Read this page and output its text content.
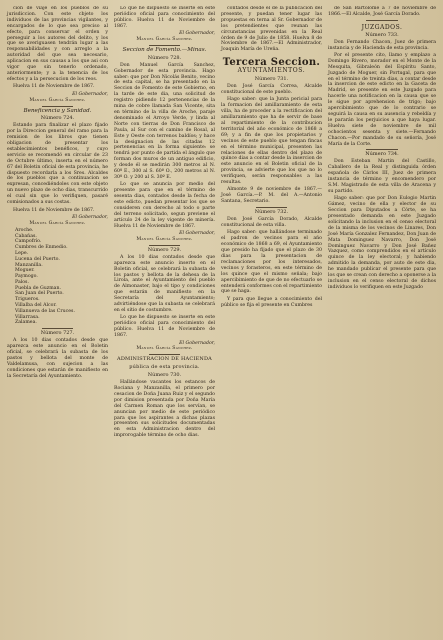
cion de viaje en los pueblos de su jurisdiccion. Con este cbjeto los individuos de las provincias vigilantes, y encargados de lo que sea preciso al efecto, para conservar el orden y perseguir a los autores del delito, y los que se averiguasen tendrán lugar a las responsabilidades y con arreglo a la autoridad del que sea necesario, aplicacion en sus causas a los que asi con vigor que sin tenerlo ordenado, anteriormente; y a la tenencia de los efectos y a la persecucion de los reos.

Huelva 11 de Noviembre de 1867.

El Gobernador,
Manuel García Sanchez.
Beneficencia y Sanidad.
Número 724.

Estando para finalizar el plazo fijado por la Direccion general del ramo para la remision de los libros que tienen obligacion de presentar los establecimientos benéficos, y cuyo servicio se recomendó en circular de 23 de Octubre último, inserta en el número 67 del Boletin oficial de esta provincia, he dispuesto recordarla a los Sres. Alcaldes de los pueblos que a continuacion se expresan, concediéndoles con este objeto un nuevo plazo de ocho dias, transcurrido el cual sin que lo verifiquen, pasaré comisionados a sus costas.

Huelva 11 de Noviembre de 1867.

El Gobernador,
Manuel García Sanchez.
Aroche.
Cabañas.
Campofrío.
Cumbres de Enmedio.
Lepe.
Lucena del Puerto.
Manzanilla.
Moguer.
Paymogo.
Palos.
Puebla de Guzman.
San Juan del Puerto.
Trigueros.
Villalba del Alcor.
Villanueva de las Cruces.
Villarrasa.
Zalamea.
Número 727.

A los 10 dias contados desde que aparezca este anuncio en el Boletin oficial, se celebrará la subasta de los pastos y bellota del monte de Valdelamusa, con sujecion a las condiciones que estarán de manifiesto en la Secretaría del Ayuntamiento.

Lo que he dispuesto se inserte en este periódico oficial para conocimiento del público. Huelva 11 de Noviembre de 1867.

El Gobernador,
Manuel García Sanchez.
Seccion de Fomento.—Minas.
Número 728.

Don Manuel García Sanchez, Gobernador de esta provincia. Hago saber: que por Don Nicolás Benito, vecino de esta capital, se ha presentado en la Seccion de Fomento de este Gobierno, en la tarde de este dia, una solicitud de registro pidiendo 12 pertenencias de la mina de cobre llamada San Vicente, sita en término de la villa de Aroche, paraje denominado el Arroyo Verde, y linda al Norte con tierras de Don Francisco de Paula, al Sur con el camino de Rosal, al Este y Oeste con terrenos baldíos; y hace la designacion de las citadas 12 pertenencias en la forma siguiente: se tendrá por punto de partida el ángulo que forman dos muros de un antiguo edificio, y desde él se medirán 300 metros al N. 60º E., 300 al S. 60º O., 200 metros al N. 30º O. y 200 al S. 30º E.

Lo que se anuncia por medio del presente para que en el término de sesenta dias, contados desde la fecha de este edicto, puedan presentar los que se consideren con derecho al todo o parte del terreno solicitado, segun previene el artículo 24 de la ley vigente de minería. Huelva 11 de Noviembre de 1867.

El Gobernador,
Manuel García Sanchez.
Número 729.

A los 10 dias contados desde que aparezca este anuncio inserto en el Boletin oficial, se celebrará la subasta de los pastos y bellota de la dehesa de la Lirola, ante el Ayuntamiento del pueblo de Almonaster, bajo el tipo y condiciones que estarán de manifiesto en la Secretaría del Ayuntamiento; advirtiéndose que la subasta se celebrará en el sitio de costumbre.

Lo que he dispuesto se inserte en este periódico oficial para conocimiento del público. Huelva 11 de Noviembre de 1867.

El Gobernador,
Manuel García Sanchez.
ADMINISTRACION DE HACIENDA
pública de esta provincia.
Número 730.

Hallándose vacantes los estancos de Rociana y Manzanilla, el primero por cesacion de Doña Juana Ruiz y el segundo por dimision presentada por Doña María del Carmen Roman que los servían, se anuncian por medio de este periódico para que los aspirantes a dichas plazas presenten sus solicitudes documentadas en esta Administracion dentro del improrogable término de ocho dias.

contados desde el de la publicacion del presente, y puedan tener lugar las propuestas en terna al Sr. Gobernador de los pretendientes que reunan las circunstancias prevenidas en la Real órden de 9 de Julio de 1858. Huelva 8 de Noviembre de 1867.—El Administrador, Joaquin María de Ureña.

Tercera Seccion.
AYUNTAMIENTOS.
Número 731.

Don José García Correa, Alcalde constitucional de este pueblo.

Hago saber: que la Junta pericial para la formacion del amillaramiento de esta villa, ha de proceder a la rectificacion del amillaramiento que ha de servir de base al repartimiento de la contribucion territorial del año económico de 1868 a 69; y a fin de que los propietarios y vecinos de este pueblo que tengan fincas en el término municipal, presenten las relaciones de ellas dentro del plazo de quince dias a contar desde la insercion de este anuncio en el Boletin oficial de la provincia, se advierte que los que no lo verifiquen, serán responsables a las resultas.

Almonte 9 de noviembre de 1867.—José García.—P. M. del A.—Antonio Santana, Secretario.

Número 732.

Don José García Dorado, Alcalde constitucional de esta villa.

Hago saber: que hallándose terminado el padron de vecinos para el año económico de 1868 a 69, el Ayuntamiento que presido ha fijado que el plazo de 30 dias para la presentacion de reclamaciones por los interesados, vecinos y forasteros, en este término de los quince que el mismo señala; bajo apercibimiento de que de no efectuarlo se entenderá conformes con el repartimiento que se haga.

Y para que llegue a conocimiento del público se fija el presente en Cumbres

de San Bartolomé a 7 de noviembre de 1866.—El Alcalde, José García Dorado.

JUZGADOS.
Número 733.

Don Fernando Chacon, Juez de primera instancia y de Hacienda de esta provincia.

Por el presente cito, llamo y emplazo a Domingo Rivero, morador en el Monte de la Mesquita, Gibraleón del Espíritu Santo, Juzgado de Moguer, sin Portugal, para que en el término de treinta dias, a contar desde la insercion de este edicto en la Gaceta de Madrid, se presente en este Juzgado para hacerle una notificacion en la causa que se le sigue por aprehension de trigo; bajo apercibimiento que de lo contrario se seguirá la causa en su ausencia y rebeldía y le pararán los perjuicios a que haya lugar. Huelva siete de noviembre de mil ochocientos sesenta y siete.—Fernando Chacon.—Por mandado de su señoría, José María de la Corte.

Número 734.

Don Esteban Martin del Castillo, Caballero de la Real y distinguida órden española de Cárlos III, Juez de primera instancia de término y encomendero por S.M. Magistrado de esta villa de Aracena y su partido.

Hago saber: que por Don Eulogio Martin Gámez, vecino de ella y elector de su Seccion para Diputados a Córte, se ha presentado demanda en este Juzgado solicitando la inclusion en el censo electoral de la misma de los vecinos de Linares, Don José María Gonzalez Fernandez, Don Juan de Mata Dominguez Navarro, Don José Dominguez Navarro y Don José Bañez Vazquez, como comprendidos en el artículo quince de la ley electoral; y habiendo admitido la demanda, por auto de este dia, he mandado publicar el presente para que los que se crean con derecho a oponerse a la inclusion en el censo electoral de dichos individuos lo verifiquen en este Juzgado
